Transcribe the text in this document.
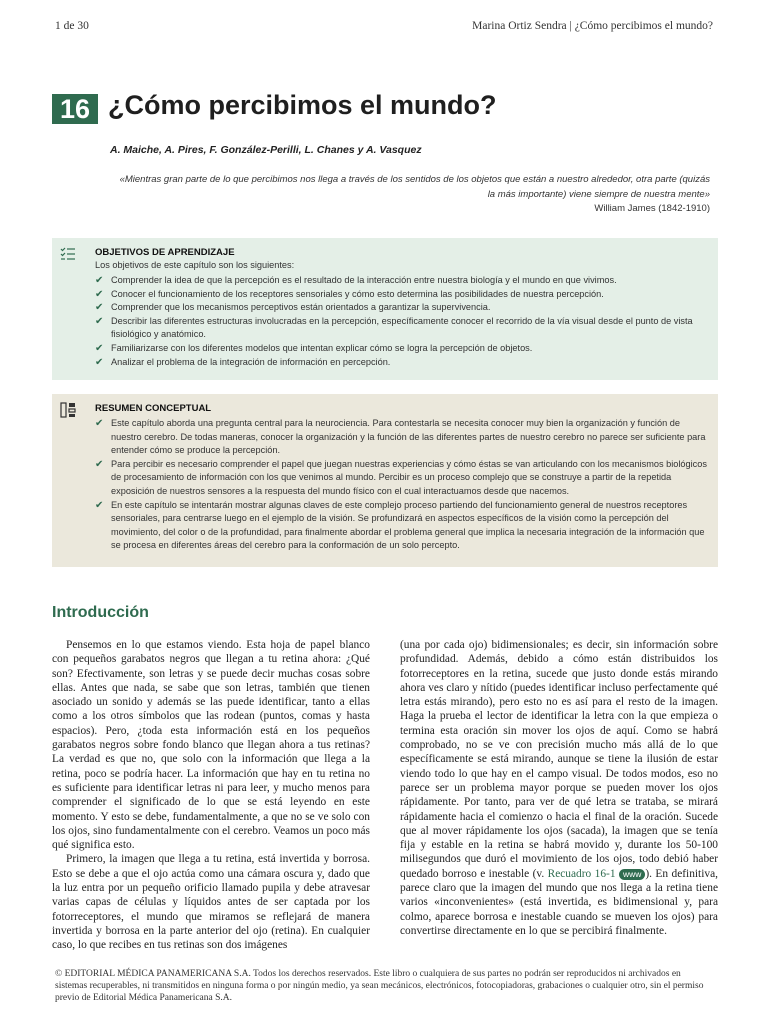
1 de 30	Marina Ortiz Sendra | ¿Cómo percibimos el mundo?
16 ¿Cómo percibimos el mundo?
A. Maiche, A. Pires, F. González-Perilli, L. Chanes y A. Vasquez
«Mientras gran parte de lo que percibimos nos llega a través de los sentidos de los objetos que están a nuestro alrededor, otra parte (quizás la más importante) viene siempre de nuestra mente»
William James (1842-1910)
OBJETIVOS DE APRENDIZAJE
Los objetivos de este capítulo son los siguientes:
✔ Comprender la idea de que la percepción es el resultado de la interacción entre nuestra biología y el mundo en que vivimos.
✔ Conocer el funcionamiento de los receptores sensoriales y cómo esto determina las posibilidades de nuestra percepción.
✔ Comprender que los mecanismos perceptivos están orientados a garantizar la supervivencia.
✔ Describir las diferentes estructuras involucradas en la percepción, específicamente conocer el recorrido de la vía visual desde el punto de vista fisiológico y anatómico.
✔ Familiarizarse con los diferentes modelos que intentan explicar cómo se logra la percepción de objetos.
✔ Analizar el problema de la integración de información en percepción.
RESUMEN CONCEPTUAL
✔ Este capítulo aborda una pregunta central para la neurociencia. Para contestarla se necesita conocer muy bien la organización y función de nuestro cerebro. De todas maneras, conocer la organización y la función de las diferentes partes de nuestro cerebro no parece ser suficiente para entender cómo se produce la percepción.
✔ Para percibir es necesario comprender el papel que juegan nuestras experiencias y cómo éstas se van articulando con los mecanismos biológicos de procesamiento de información con los que venimos al mundo. Percibir es un proceso complejo que se construye a partir de la repetida exposición de nuestros sensores a la respuesta del mundo físico con el cual interactuamos desde que nacemos.
✔ En este capítulo se intentarán mostrar algunas claves de este complejo proceso partiendo del funcionamiento general de nuestros receptores sensoriales, para centrarse luego en el ejemplo de la visión. Se profundizará en aspectos específicos de la visión como la percepción del movimiento, del color o de la profundidad, para finalmente abordar el problema general que implica la necesaria integración de la información que se procesa en diferentes áreas del cerebro para la conformación de un solo percepto.
Introducción

Pensemos en lo que estamos viendo. Esta hoja de papel blanco con pequeños garabatos negros que llegan a tu retina ahora: ¿Qué son? Efectivamente, son letras y se puede decir muchas cosas sobre ellas. Antes que nada, se sabe que son letras, también que tienen asociado un sonido y además se las puede identificar, tanto a ellas como a los otros símbolos que las rodean (puntos, comas y hasta espacios). Pero, ¿toda esta información está en los pequeños garabatos negros sobre fondo blanco que llegan ahora a tus retinas? La verdad es que no, que solo con la información que llega a la retina, poco se podría hacer. La información que hay en tu retina no es suficiente para identificar letras ni para leer, y mucho menos para comprender el significado de lo que se está leyendo en este momento. Y esto se debe, fundamentalmente, a que no se ve solo con los ojos, sino fundamentalmente con el cerebro. Veamos un poco más qué significa esto.

Primero, la imagen que llega a tu retina, está invertida y borrosa. Esto se debe a que el ojo actúa como una cámara oscura y, dado que la luz entra por un pequeño orificio llamado pupila y debe atravesar varias capas de células y líquidos antes de ser captada por los fotorreceptores, el mundo que miramos se reflejará de manera invertida y borrosa en la parte anterior del ojo (retina). En cualquier caso, lo que recibes en tus retinas son dos imágenes

(una por cada ojo) bidimensionales; es decir, sin información sobre profundidad. Además, debido a cómo están distribuidos los fotorreceptores en la retina, sucede que justo donde estás mirando ahora ves claro y nítido (puedes identificar incluso perfectamente qué letra estás mirando), pero esto no es así para el resto de la imagen. Haga la prueba el lector de identificar la letra con la que empieza o termina esta oración sin mover los ojos de aquí. Como se habrá comprobado, no se ve con precisión mucho más allá de lo que específicamente se está mirando, aunque se tiene la ilusión de estar viendo todo lo que hay en el campo visual. De todos modos, eso no parece ser un problema mayor porque se pueden mover los ojos rápidamente. Por tanto, para ver de qué letra se trataba, se mirará rápidamente hacia el comienzo o hacia el final de la oración. Sucede que al mover rápidamente los ojos (sacada), la imagen que se tenía fija y estable en la retina se habrá movido y, durante los 50-100 milisegundos que duró el movimiento de los ojos, todo debió haber quedado borroso e inestable (v. Recuadro 16-1 www ). En definitiva, parece claro que la imagen del mundo que nos llega a la retina tiene varios «inconvenientes» (está invertida, es bidimensional y, para colmo, aparece borrosa e inestable cuando se mueven los ojos) para convertirse directamente en lo que se percibirá finalmente.

© EDITORIAL MÉDICA PANAMERICANA S.A. Todos los derechos reservados. Este libro o cualquiera de sus partes no podrán ser reproducidos ni archivados en sistemas recuperables, ni transmitidos en ninguna forma o por ningún medio, ya sean mecánicos, electrónicos, fotocopiadoras, grabaciones o cualquier otro, sin el permiso previo de Editorial Médica Panamericana S.A.
